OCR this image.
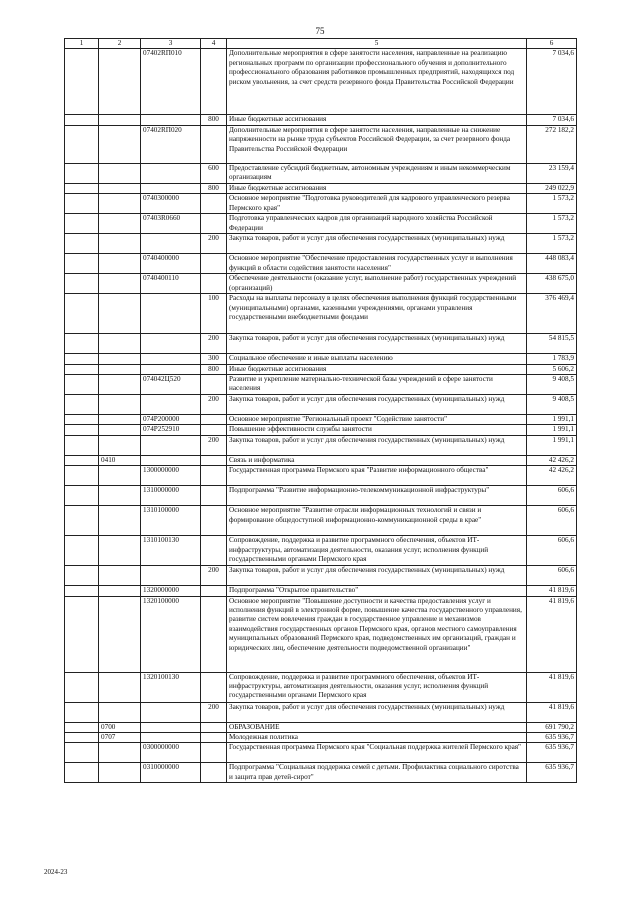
75
1	2	3	4	5	6
		07402RП010		Дополнительные мероприятия в сфере занятости населения, направленные на реализацию региональных программ по организации профессионального обучения и дополнительного профессионального образования работников промышленных предприятий, находящихся под риском увольнения, за счет средств резервного фонда Правительства Российской Федерации	7 034,6
			800	Иные бюджетные ассигнования	7 034,6
		07402RП020		Дополнительные мероприятия в сфере занятости населения, направленные на снижение напряженности на рынке труда субъектов Российской Федерации, за счет резервного фонда Правительства Российской Федерации	272 182,2
			600	Предоставление субсидий бюджетным, автономным учреждениям и иным некоммерческим организациям	23 159,4
			800	Иные бюджетные ассигнования	249 022,9
		0740300000		Основное мероприятие "Подготовка руководителей для кадрового управленческого резерва Пермского края"	1 573,2
		07403R0660		Подготовка управленческих кадров для организаций народного хозяйства Российской Федерации	1 573,2
			200	Закупка товаров, работ и услуг для обеспечения государственных (муниципальных) нужд	1 573,2
		0740400000		Основное мероприятие "Обеспечение предоставления государственных услуг и выполнения функций в области содействия занятости населения"	448 083,4
		0740400110		Обеспечение деятельности (оказание услуг, выполнение работ) государственных учреждений (организаций)	438 675,0
			100	Расходы на выплаты персоналу в целях обеспечения выполнения функций государственными (муниципальными) органами, казенными учреждениями, органами управления государственными внебюджетными фондами	376 469,4
			200	Закупка товаров, работ и услуг для обеспечения государственных (муниципальных) нужд	54 815,5
			300	Социальное обеспечение и иные выплаты населению	1 783,9
			800	Иные бюджетные ассигнования	5 606,2
		074042Ц520		Развитие и укрепление материально-технической базы учреждений в сфере занятости населения	9 408,5
			200	Закупка товаров, работ и услуг для обеспечения государственных (муниципальных) нужд	9 408,5
		074P200000		Основное мероприятие "Региональный проект "Содействие занятости"	1 991,1
		074P252910		Повышение эффективности службы занятости	1 991,1
			200	Закупка товаров, работ и услуг для обеспечения государственных (муниципальных) нужд	1 991,1
	0410			Связь и информатика	42 426,2
		1300000000		Государственная программа Пермского края "Развитие информационного общества"	42 426,2
		1310000000		Подпрограмма "Развитие информационно-телекоммуникационной инфраструктуры"	606,6
		1310100000		Основное мероприятие "Развитие отрасли информационных технологий и связи и формирование общедоступной информационно-коммуникационной среды в крае"	606,6
		1310100130		Сопровождение, поддержка и развитие программного обеспечения, объектов ИТ-инфраструктуры, автоматизация деятельности, оказания услуг, исполнения функций государственными органами Пермского края	606,6
			200	Закупка товаров, работ и услуг для обеспечения государственных (муниципальных) нужд	606,6
		1320000000		Подпрограмма "Открытое правительство"	41 819,6
		1320100000		Основное мероприятие "Повышение доступности и качества предоставления услуг и исполнения функций в электронной форме, повышение качества государственного управления, развитие систем вовлечения граждан в государственное управление и механизмов взаимодействия государственных органов Пермского края, органов местного самоуправления муниципальных образований Пермского края, подведомственных им организаций, граждан и юридических лиц, обеспечение деятельности подведомственной организации"	41 819,6
		1320100130		Сопровождение, поддержка и развитие программного обеспечения, объектов ИТ-инфраструктуры, автоматизация деятельности, оказания услуг, исполнения функций государственными органами Пермского края	41 819,6
			200	Закупка товаров, работ и услуг для обеспечения государственных (муниципальных) нужд	41 819,6
	0700			ОБРАЗОВАНИЕ	691 790,2
	0707			Молодежная политика	635 936,7
		0300000000		Государственная программа Пермского края "Социальная поддержка жителей Пермского края"	635 936,7
		0310000000		Подпрограмма "Социальная поддержка семей с детьми. Профилактика социального сиротства и защита прав детей-сирот"	635 936,7
2024-23
